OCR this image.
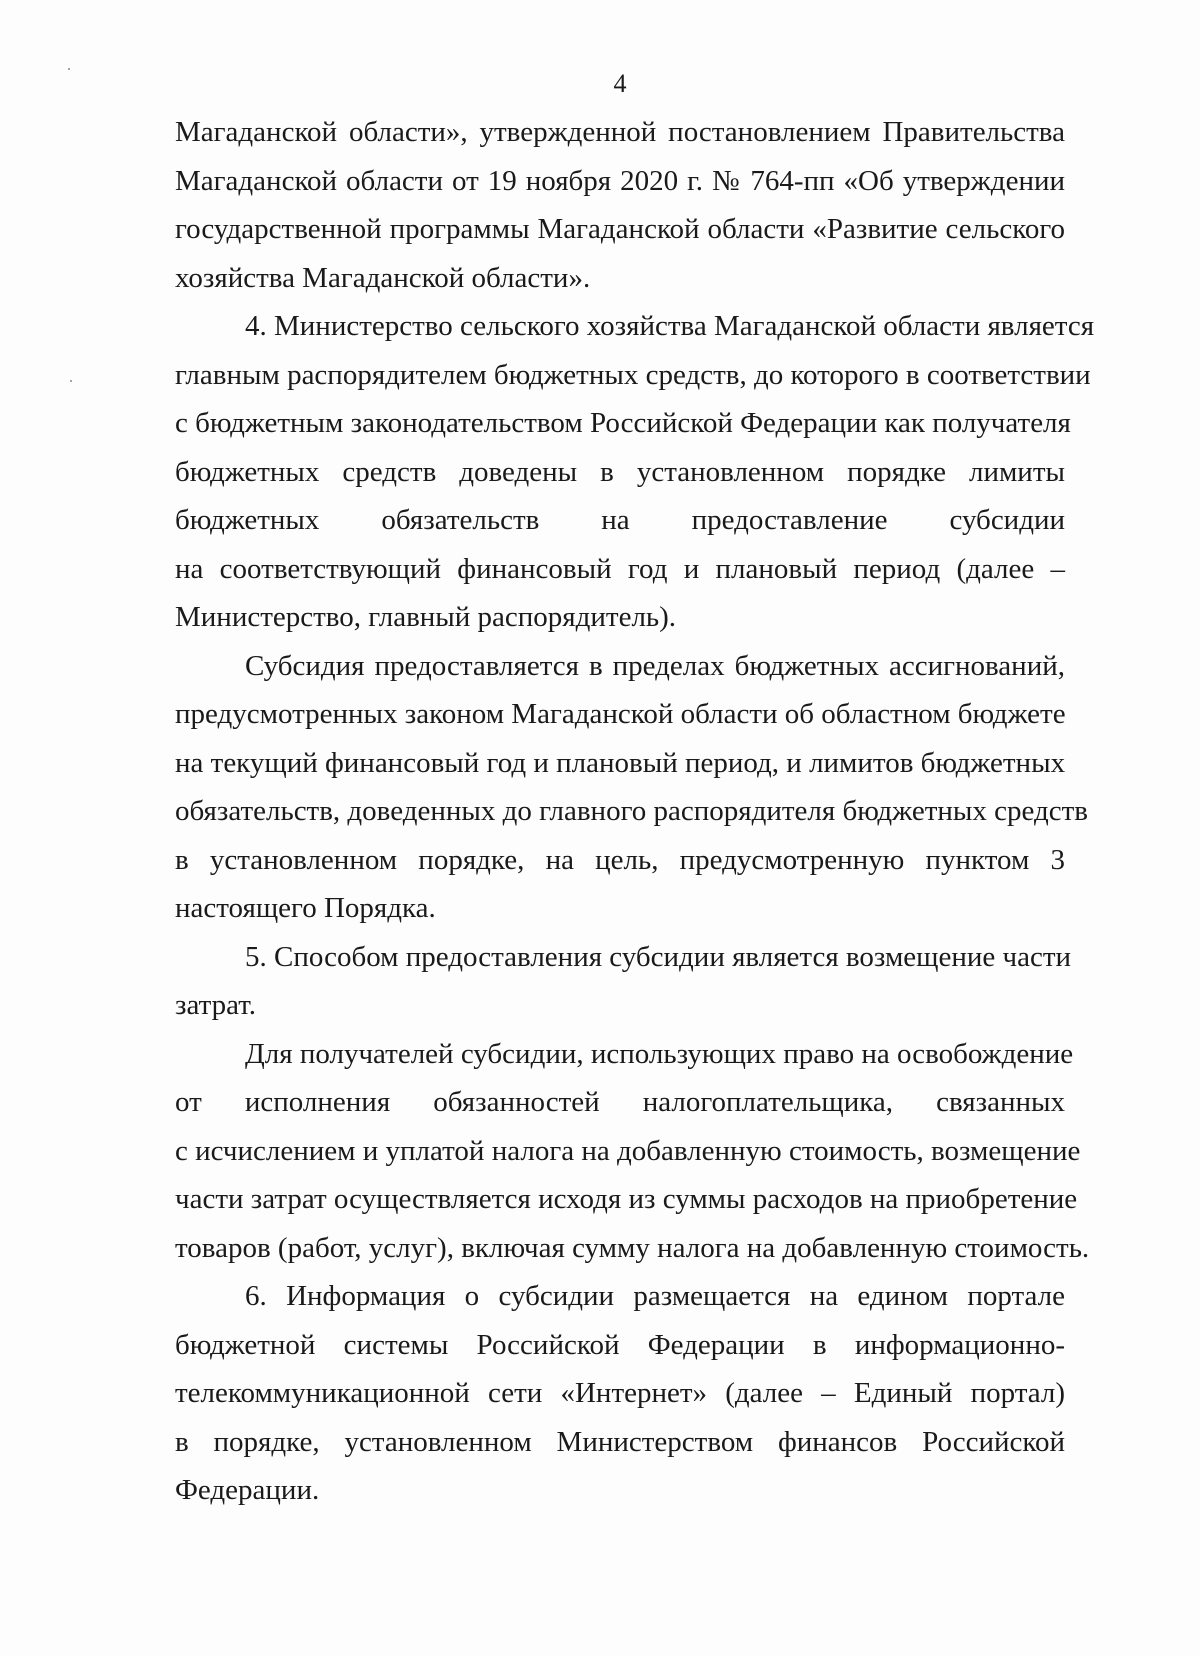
4
Магаданской области», утвержденной постановлением Правительства
Магаданской области от 19 ноября 2020 г. № 764-пп «Об утверждении
государственной программы Магаданской области «Развитие сельского
хозяйства Магаданской области».
4. Министерство сельского хозяйства Магаданской области является
главным распорядителем бюджетных средств, до которого в соответствии
с бюджетным законодательством Российской Федерации как получателя
бюджетных средств доведены в установленном порядке лимиты
бюджетных обязательств на предоставление субсидии
на соответствующий финансовый год и плановый период (далее –
Министерство, главный распорядитель).
Субсидия предоставляется в пределах бюджетных ассигнований,
предусмотренных законом Магаданской области об областном бюджете
на текущий финансовый год и плановый период, и лимитов бюджетных
обязательств, доведенных до главного распорядителя бюджетных средств
в установленном порядке, на цель, предусмотренную пунктом 3
настоящего Порядка.
5. Способом предоставления субсидии является возмещение части
затрат.
Для получателей субсидии, использующих право на освобождение
от исполнения обязанностей налогоплательщика, связанных
с исчислением и уплатой налога на добавленную стоимость, возмещение
части затрат осуществляется исходя из суммы расходов на приобретение
товаров (работ, услуг), включая сумму налога на добавленную стоимость.
6. Информация о субсидии размещается на едином портале
бюджетной системы Российской Федерации в информационно-
телекоммуникационной сети «Интернет» (далее – Единый портал)
в порядке, установленном Министерством финансов Российской
Федерации.
